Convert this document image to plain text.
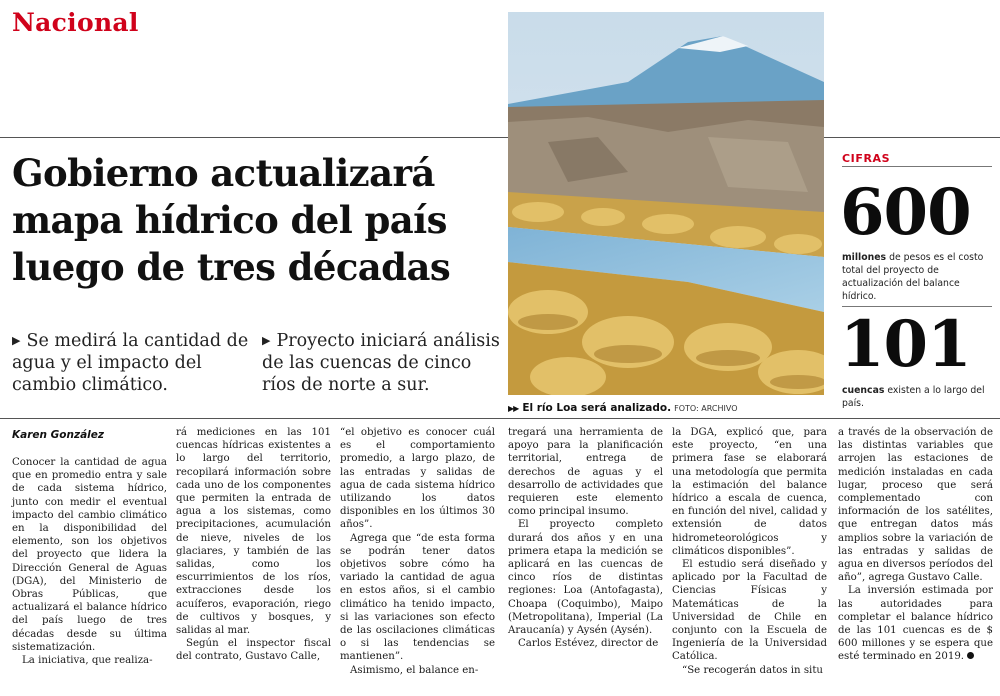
Nacional
Gobierno actualizará mapa hídrico del país luego de tres décadas

▶ Se medirá la cantidad de agua y el impacto del cambio climático.

▶ Proyecto iniciará análisis de las cuencas de cinco ríos de norte a sur.

▶▶ El río Loa será analizado. FOTO: ARCHIVO
CIFRAS
600

millones de pesos es el costo total del proyecto de actualización del balance hídrico.

101

cuencas existen a lo largo del país.

Karen González

Conocer la cantidad de agua que en promedio entra y sale de cada sistema hídrico, junto con medir el eventual impacto del cambio climático en la disponibilidad del elemento, son los objetivos del proyecto que lidera la Dirección General de Aguas (DGA), del Ministerio de Obras Públicas, que actualizará el balance hídrico del país luego de tres décadas desde su última sistematización.

La iniciativa, que realiza-

rá mediciones en las 101 cuencas hídricas existentes a lo largo del territorio, recopilará información sobre cada uno de los componentes que permiten la entrada de agua a los sistemas, como precipitaciones, acumulación de nieve, niveles de los glaciares, y también de las salidas, como los escurrimientos de los ríos, extracciones desde los acuíferos, evaporación, riego de cultivos y bosques, y salidas al mar.

Según el inspector fiscal del contrato, Gustavo Calle,

“el objetivo es conocer cuál es el comportamiento promedio, a largo plazo, de las entradas y salidas de agua de cada sistema hídrico utilizando los datos disponibles en los últimos 30 años”.

Agrega que “de esta forma se podrán tener datos objetivos sobre cómo ha variado la cantidad de agua en estos años, si el cambio climático ha tenido impacto, si las variaciones son efecto de las oscilaciones climáticas o si las tendencias se mantienen”.

Asimismo, el balance en-

tregará una herramienta de apoyo para la planificación territorial, entrega de derechos de aguas y el desarrollo de actividades que requieren este elemento como principal insumo.

El proyecto completo durará dos años y en una primera etapa la medición se aplicará en las cuencas de cinco ríos de distintas regiones: Loa (Antofagasta), Choapa (Coquimbo), Maipo (Metropolitana), Imperial (La Araucanía) y Aysén (Aysén).

Carlos Estévez, director de

la DGA, explicó que, para este proyecto, “en una primera fase se elaborará una metodología que permita la estimación del balance hídrico a escala de cuenca, en función del nivel, calidad y extensión de datos hidrometeorológicos y climáticos disponibles”.

El estudio será diseñado y aplicado por la Facultad de Ciencias Físicas y Matemáticas de la Universidad de Chile en conjunto con la Escuela de Ingeniería de la Universidad Católica.

“Se recogerán datos in situ

a través de la observación de las distintas variables que arrojen las estaciones de medición instaladas en cada lugar, proceso que será complementado con información de los satélites, que entregan datos más amplios sobre la variación de las entradas y salidas de agua en diversos períodos del año”, agrega Gustavo Calle.

La inversión estimada por las autoridades para completar el balance hídrico de las 101 cuencas es de $ 600 millones y se espera que esté terminado en 2019.
